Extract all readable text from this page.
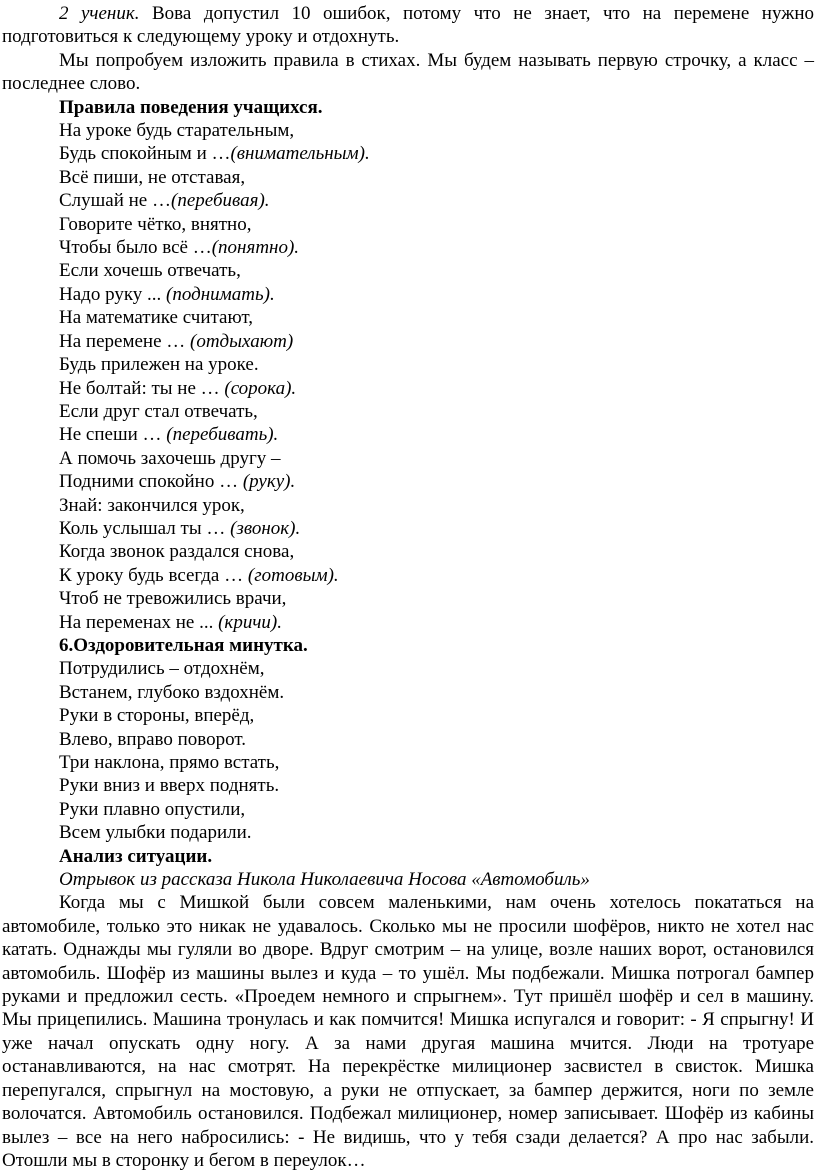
2 ученик. Вова допустил 10 ошибок, потому что не знает, что на перемене нужно подготовиться к следующему уроку и отдохнуть.

Мы попробуем изложить правила в стихах. Мы будем называть первую строчку, а класс – последнее слово.

Правила поведения учащихся.

На уроке будь старательным,

Будь спокойным и …(внимательным).

Всё пиши, не отставая,

Слушай не …(перебивая).

Говорите чётко, внятно,

Чтобы было всё …(понятно).

Если хочешь отвечать,

Надо руку ... (поднимать).

На математике считают,

На перемене … (отдыхают)

Будь прилежен на уроке.

Не болтай: ты не … (сорока).

Если друг стал отвечать,

Не спеши … (перебивать).

А помочь захочешь другу –

Подними спокойно … (руку).

Знай: закончился урок,

Коль услышал ты … (звонок).

Когда звонок раздался снова,

К уроку будь всегда … (готовым).

Чтоб не тревожились врачи,

На переменах не ... (кричи).

6.Оздоровительная минутка.

Потрудились – отдохнём,

Встанем, глубоко вздохнём.

Руки в стороны, вперёд,

Влево, вправо поворот.

Три наклона, прямо встать,

Руки вниз и вверх поднять.

Руки плавно опустили,

Всем улыбки подарили.

Анализ ситуации.

Отрывок из рассказа Никола Николаевича Носова «Автомобиль»

Когда мы с Мишкой были совсем маленькими, нам очень хотелось покататься на автомобиле, только это никак не удавалось. Сколько мы не просили шофёров, никто не хотел нас катать. Однажды мы гуляли во дворе. Вдруг смотрим – на улице, возле наших ворот, остановился автомобиль. Шофёр из машины вылез и куда – то ушёл. Мы подбежали. Мишка потрогал бампер руками и предложил сесть. «Проедем немного и спрыгнем». Тут пришёл шофёр и сел в машину. Мы прицепились. Машина тронулась и как помчится! Мишка испугался и говорит: - Я спрыгну! И уже начал опускать одну ногу. А за нами другая машина мчится. Люди на тротуаре останавливаются, на нас смотрят. На перекрёстке милиционер засвистел в свисток. Мишка перепугался, спрыгнул на мостовую, а руки не отпускает, за бампер держится, ноги по земле волочатся. Автомобиль остановился. Подбежал милиционер, номер записывает. Шофёр из кабины вылез – все на него набросились: - Не видишь, что у тебя сзади делается? А про нас забыли. Отошли мы в сторонку и бегом в переулок…
